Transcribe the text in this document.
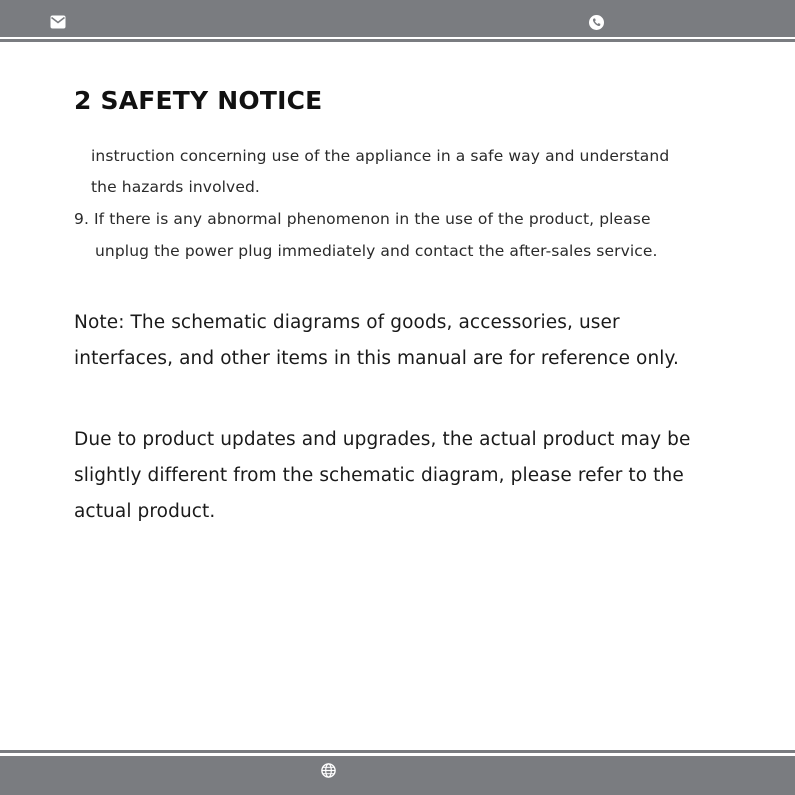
2 SAFETY NOTICE

instruction concerning use of the appliance in a safe way and understand

the hazards involved.

9. If there is any abnormal phenomenon in the use of the product, please

unplug the power plug immediately and contact the after-sales service.

Note: The schematic diagrams of goods, accessories, user

interfaces, and other items in this manual are for reference only.

Due to product updates and upgrades, the actual product may be

slightly different from the schematic diagram, please refer to the

actual product.
